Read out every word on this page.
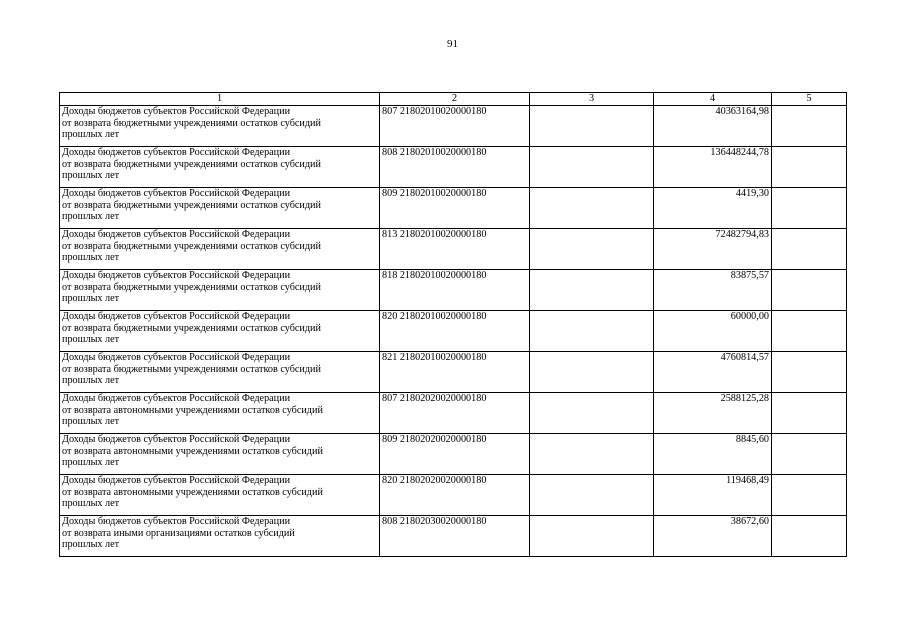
91
1	2	3	4	5
Доходы бюджетов субъектов Российской Федерации
от возврата бюджетными учреждениями остатков субсидий
прошлых лет	807 21802010020000180		40363164,98	
Доходы бюджетов субъектов Российской Федерации
от возврата бюджетными учреждениями остатков субсидий
прошлых лет	808 21802010020000180		136448244,78	
Доходы бюджетов субъектов Российской Федерации
от возврата бюджетными учреждениями остатков субсидий
прошлых лет	809 21802010020000180		4419,30	
Доходы бюджетов субъектов Российской Федерации
от возврата бюджетными учреждениями остатков субсидий
прошлых лет	813 21802010020000180		72482794,83	
Доходы бюджетов субъектов Российской Федерации
от возврата бюджетными учреждениями остатков субсидий
прошлых лет	818 21802010020000180		83875,57	
Доходы бюджетов субъектов Российской Федерации
от возврата бюджетными учреждениями остатков субсидий
прошлых лет	820 21802010020000180		60000,00	
Доходы бюджетов субъектов Российской Федерации
от возврата бюджетными учреждениями остатков субсидий
прошлых лет	821 21802010020000180		4760814,57	
Доходы бюджетов субъектов Российской Федерации
от возврата автономными учреждениями остатков субсидий
прошлых лет	807 21802020020000180		2588125,28	
Доходы бюджетов субъектов Российской Федерации
от возврата автономными учреждениями остатков субсидий
прошлых лет	809 21802020020000180		8845,60	
Доходы бюджетов субъектов Российской Федерации
от возврата автономными учреждениями остатков субсидий
прошлых лет	820 21802020020000180		119468,49	
Доходы бюджетов субъектов Российской Федерации
от возврата иными организациями остатков субсидий
прошлых лет	808 21802030020000180		38672,60	
